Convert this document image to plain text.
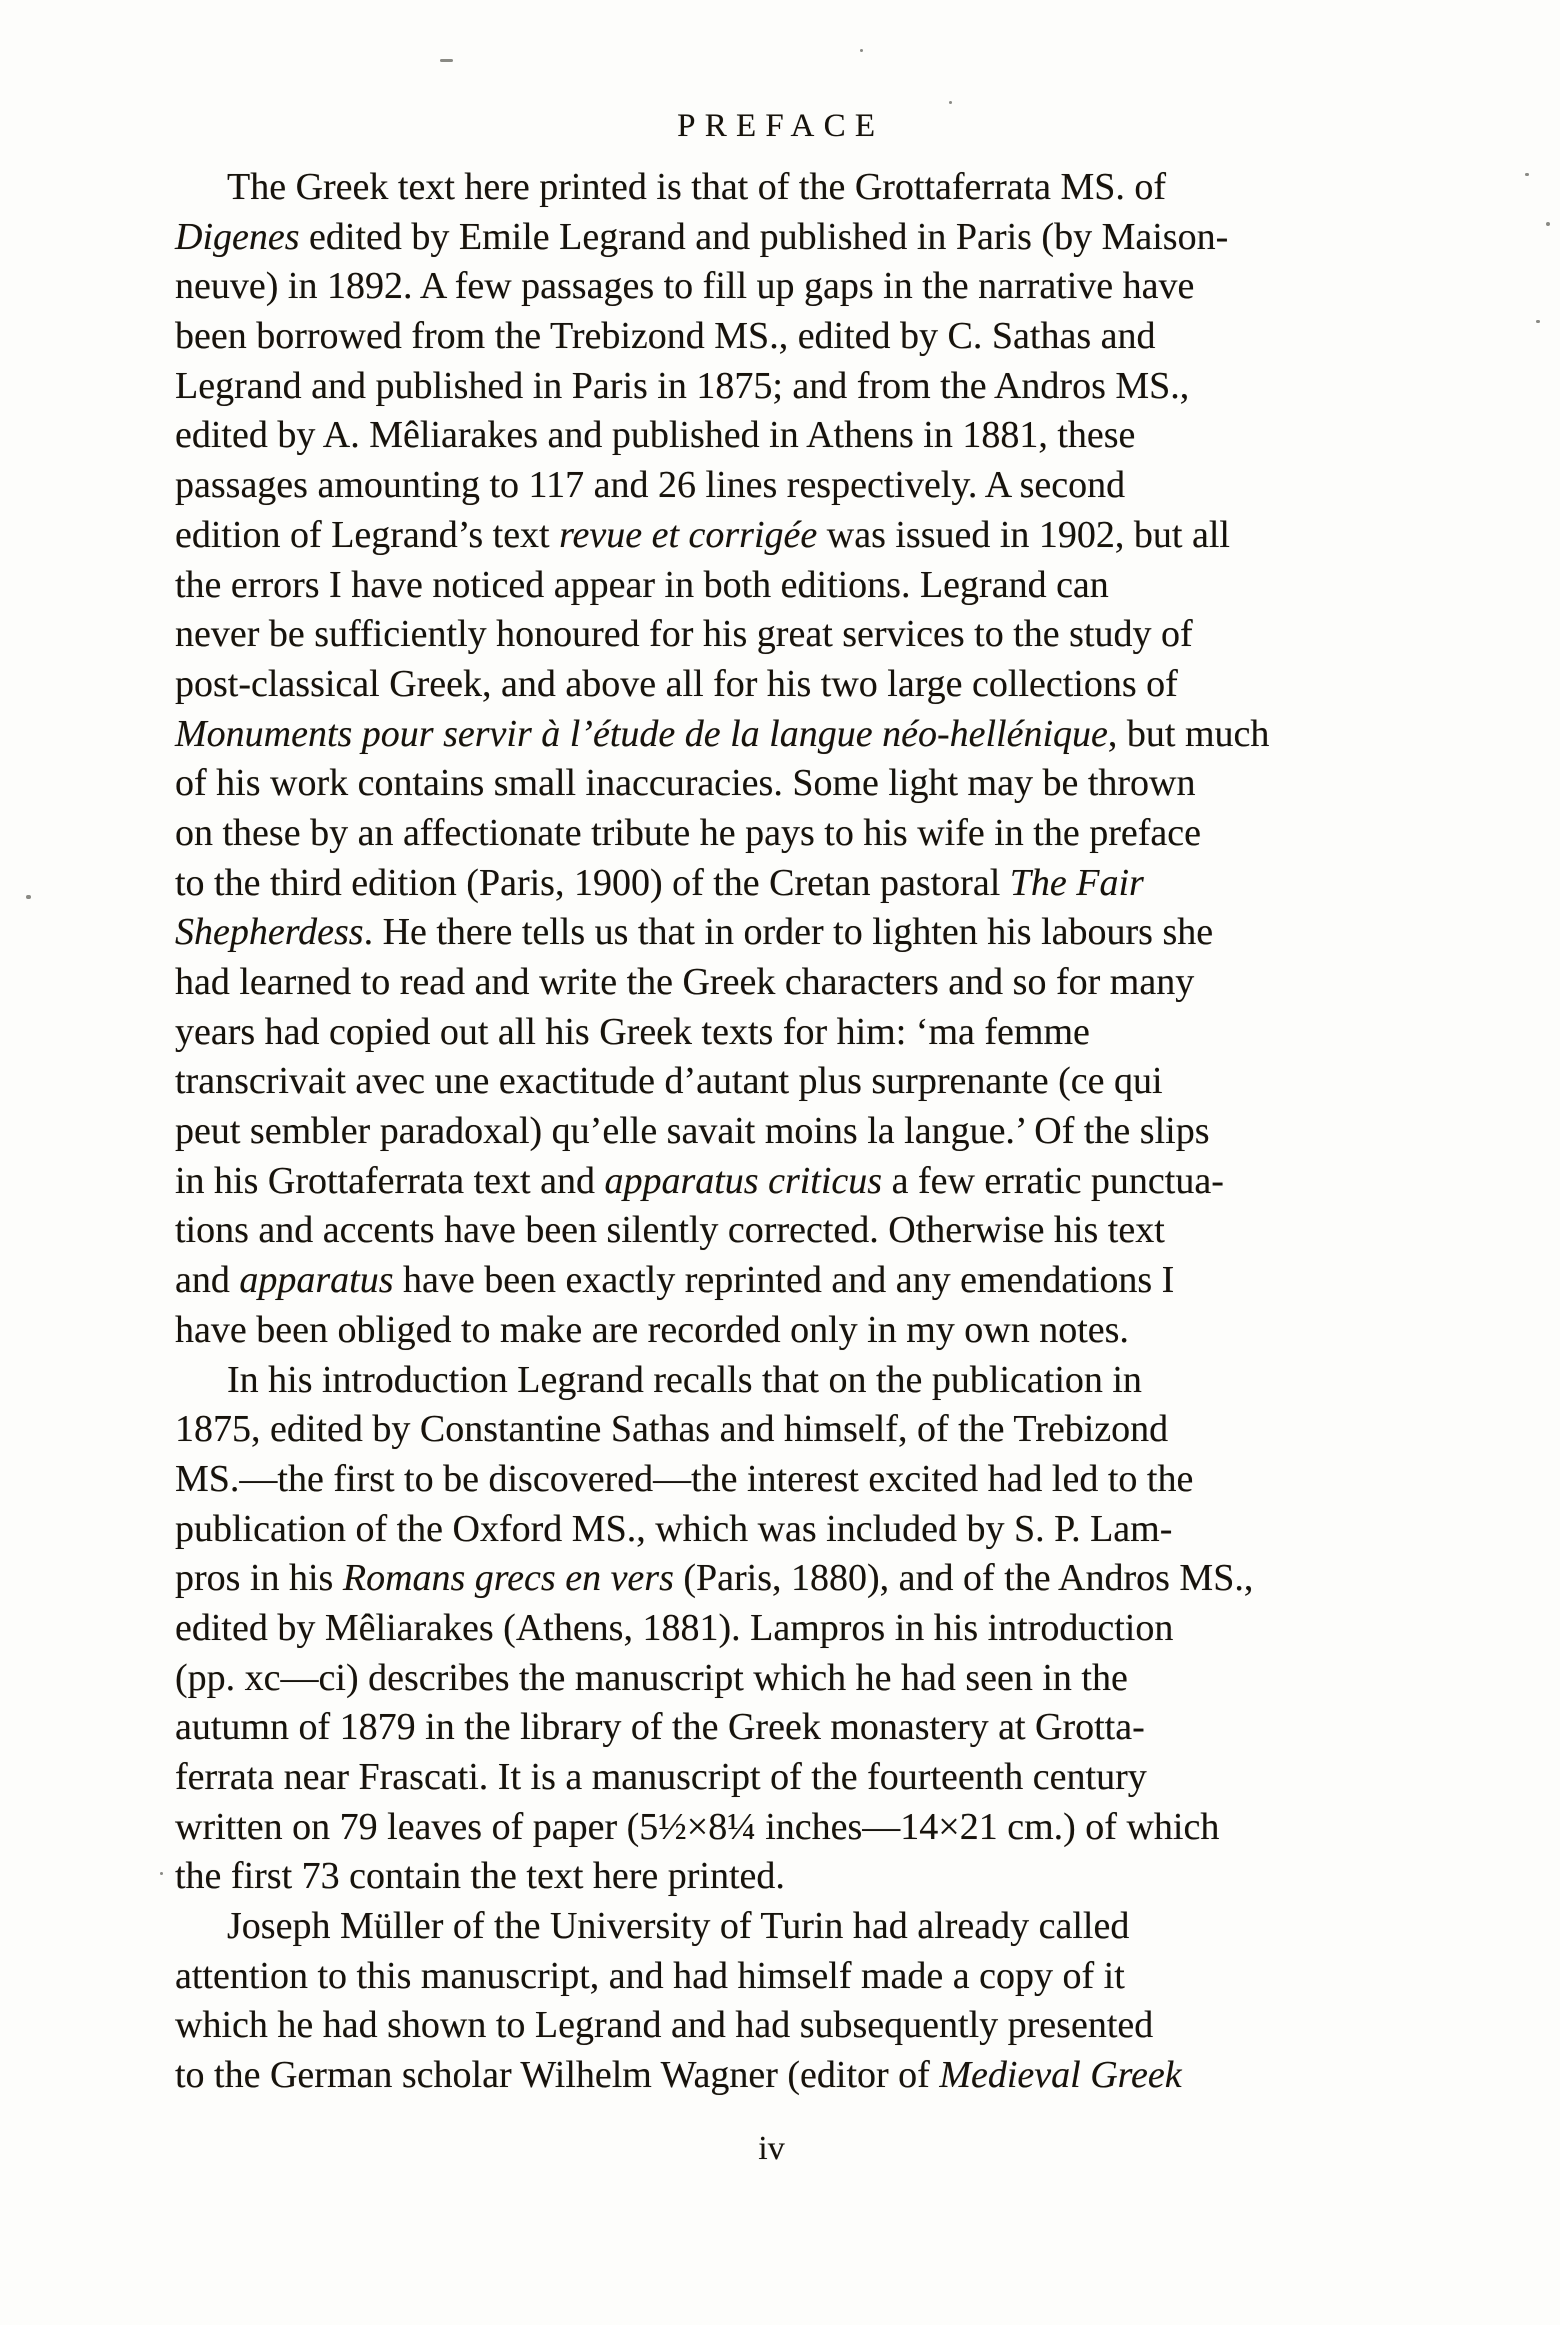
PREFACE
The Greek text here printed is that of the Grottaferrata MS. of
Digenes edited by Emile Legrand and published in Paris (by Maison-
neuve) in 1892. A few passages to fill up gaps in the narrative have
been borrowed from the Trebizond MS., edited by C. Sathas and
Legrand and published in Paris in 1875; and from the Andros MS.,
edited by A. Mêliarakes and published in Athens in 1881, these
passages amounting to 117 and 26 lines respectively. A second
edition of Legrand’s text revue et corrigée was issued in 1902, but all
the errors I have noticed appear in both editions. Legrand can
never be sufficiently honoured for his great services to the study of
post-classical Greek, and above all for his two large collections of
Monuments pour servir à l’étude de la langue néo-hellénique, but much
of his work contains small inaccuracies. Some light may be thrown
on these by an affectionate tribute he pays to his wife in the preface
to the third edition (Paris, 1900) of the Cretan pastoral The Fair
Shepherdess. He there tells us that in order to lighten his labours she
had learned to read and write the Greek characters and so for many
years had copied out all his Greek texts for him: ‘ma femme
transcrivait avec une exactitude d’autant plus surprenante (ce qui
peut sembler paradoxal) qu’elle savait moins la langue.’ Of the slips
in his Grottaferrata text and apparatus criticus a few erratic punctua-
tions and accents have been silently corrected. Otherwise his text
and apparatus have been exactly reprinted and any emendations I
have been obliged to make are recorded only in my own notes.
In his introduction Legrand recalls that on the publication in
1875, edited by Constantine Sathas and himself, of the Trebizond
MS.—the first to be discovered—the interest excited had led to the
publication of the Oxford MS., which was included by S. P. Lam-
pros in his Romans grecs en vers (Paris, 1880), and of the Andros MS.,
edited by Mêliarakes (Athens, 1881). Lampros in his introduction
(pp. xc—ci) describes the manuscript which he had seen in the
autumn of 1879 in the library of the Greek monastery at Grotta-
ferrata near Frascati. It is a manuscript of the fourteenth century
written on 79 leaves of paper (5½×8¼ inches—14×21 cm.) of which
the first 73 contain the text here printed.
Joseph Müller of the University of Turin had already called
attention to this manuscript, and had himself made a copy of it
which he had shown to Legrand and had subsequently presented
to the German scholar Wilhelm Wagner (editor of Medieval Greek
iv
